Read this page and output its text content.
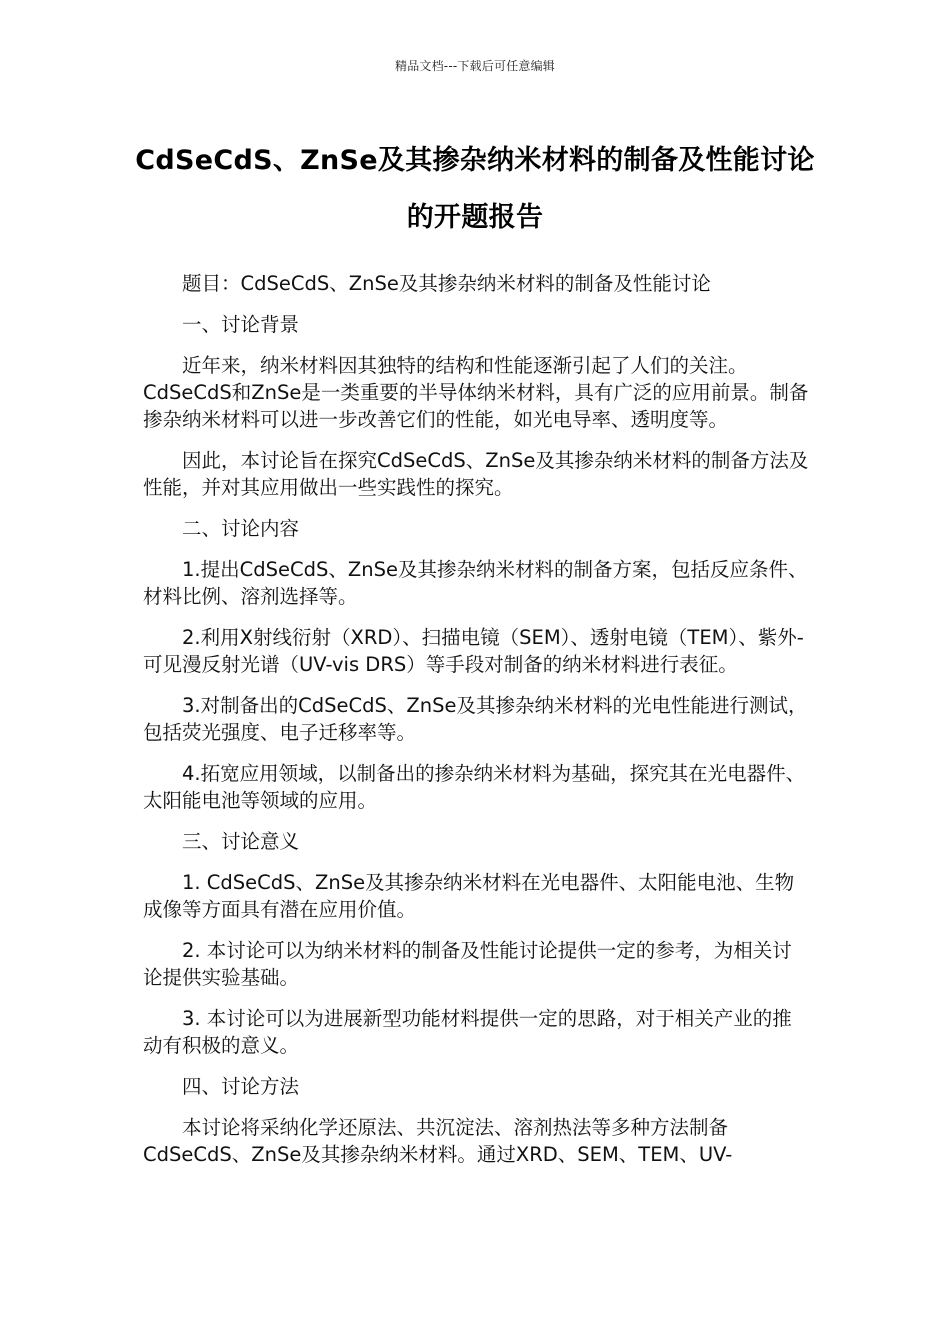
精品文档---下载后可任意编辑
CdSeCdS、ZnSe及其掺杂纳米材料的制备及性能讨论的开题报告

题目：CdSeCdS、ZnSe及其掺杂纳米材料的制备及性能讨论

一、讨论背景

近年来，纳米材料因其独特的结构和性能逐渐引起了人们的关注。CdSeCdS和ZnSe是一类重要的半导体纳米材料，具有广泛的应用前景。制备掺杂纳米材料可以进一步改善它们的性能，如光电导率、透明度等。

因此，本讨论旨在探究CdSeCdS、ZnSe及其掺杂纳米材料的制备方法及性能，并对其应用做出一些实践性的探究。

二、讨论内容

1.提出CdSeCdS、ZnSe及其掺杂纳米材料的制备方案，包括反应条件、材料比例、溶剂选择等。

2.利用X射线衍射（XRD）、扫描电镜（SEM）、透射电镜（TEM）、紫外-可见漫反射光谱（UV-vis DRS）等手段对制备的纳米材料进行表征。

3.对制备出的CdSeCdS、ZnSe及其掺杂纳米材料的光电性能进行测试，包括荧光强度、电子迁移率等。

4.拓宽应用领域，以制备出的掺杂纳米材料为基础，探究其在光电器件、太阳能电池等领域的应用。

三、讨论意义

1. CdSeCdS、ZnSe及其掺杂纳米材料在光电器件、太阳能电池、生物成像等方面具有潜在应用价值。

2. 本讨论可以为纳米材料的制备及性能讨论提供一定的参考，为相关讨论提供实验基础。

3. 本讨论可以为进展新型功能材料提供一定的思路，对于相关产业的推动有积极的意义。

四、讨论方法

本讨论将采纳化学还原法、共沉淀法、溶剂热法等多种方法制备CdSeCdS、ZnSe及其掺杂纳米材料。通过XRD、SEM、TEM、UV-
